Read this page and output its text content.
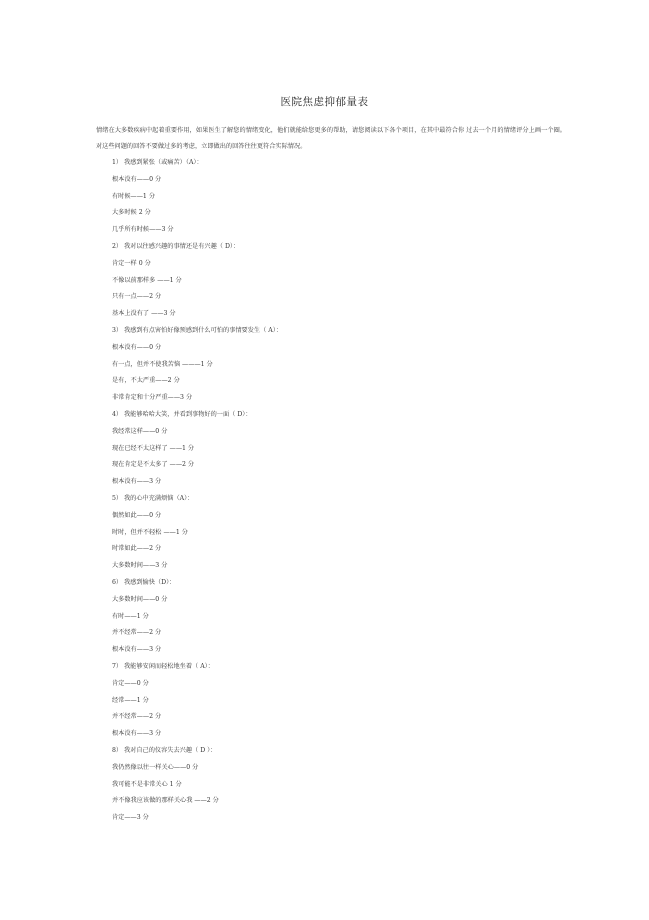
医院焦虑抑郁量表
情绪在大多数疾病中起着重要作用，如果医生了解您的情绪变化，他们就能给您更多的帮助，请您阅读以下各个项目，在其中最符合你 过去一个月的情绪评分上画一个圈。对这些问题的回答不要做过多的考虑，立即做出的回答往往更符合实际情况。
1） 我感到紧张（或痛苦）（A）：
根本没有——0 分
有时候——1 分
大多时候 2 分
几乎所有时候——3 分
2） 我对以往感兴趣的事情还是有兴趣（ D）：
肯定一样 0 分
不像以前那样多 ——1 分
只有一点——2 分
基本上没有了 ——3 分
3） 我感到有点害怕好像预感到什么可怕的事情要发生（ A）：
根本没有——0 分
有一点，但并不使我苦恼 ———1 分
是有，不太严重——2 分
非常肯定和十分严重——3 分
4） 我能够哈哈大笑，并看到事物好的一面（ D）：
我经常这样——0 分
现在已经不太这样了 ——1 分
现在肯定是不太多了 ——2 分
根本没有——3 分
5） 我的心中充满烦恼（A）：
偶然如此——0 分
时时，但并不轻松 ——1 分
时常如此——2 分
大多数时间——3 分
6） 我感到愉快（D）：
大多数时间——0 分
有时——1 分
并不经常——2 分
根本没有——3 分
7） 我能够安闲而轻松地坐着（ A）：
肯定——0 分
经常——1 分
并不经常——2 分
根本没有——3 分
8） 我对自己的仪容失去兴趣（ D ）：
我仍然像以往一样关心——0 分
我可能不是非常关心 1 分
并不像我应该做的那样关心我 ——2 分
肯定——3 分
